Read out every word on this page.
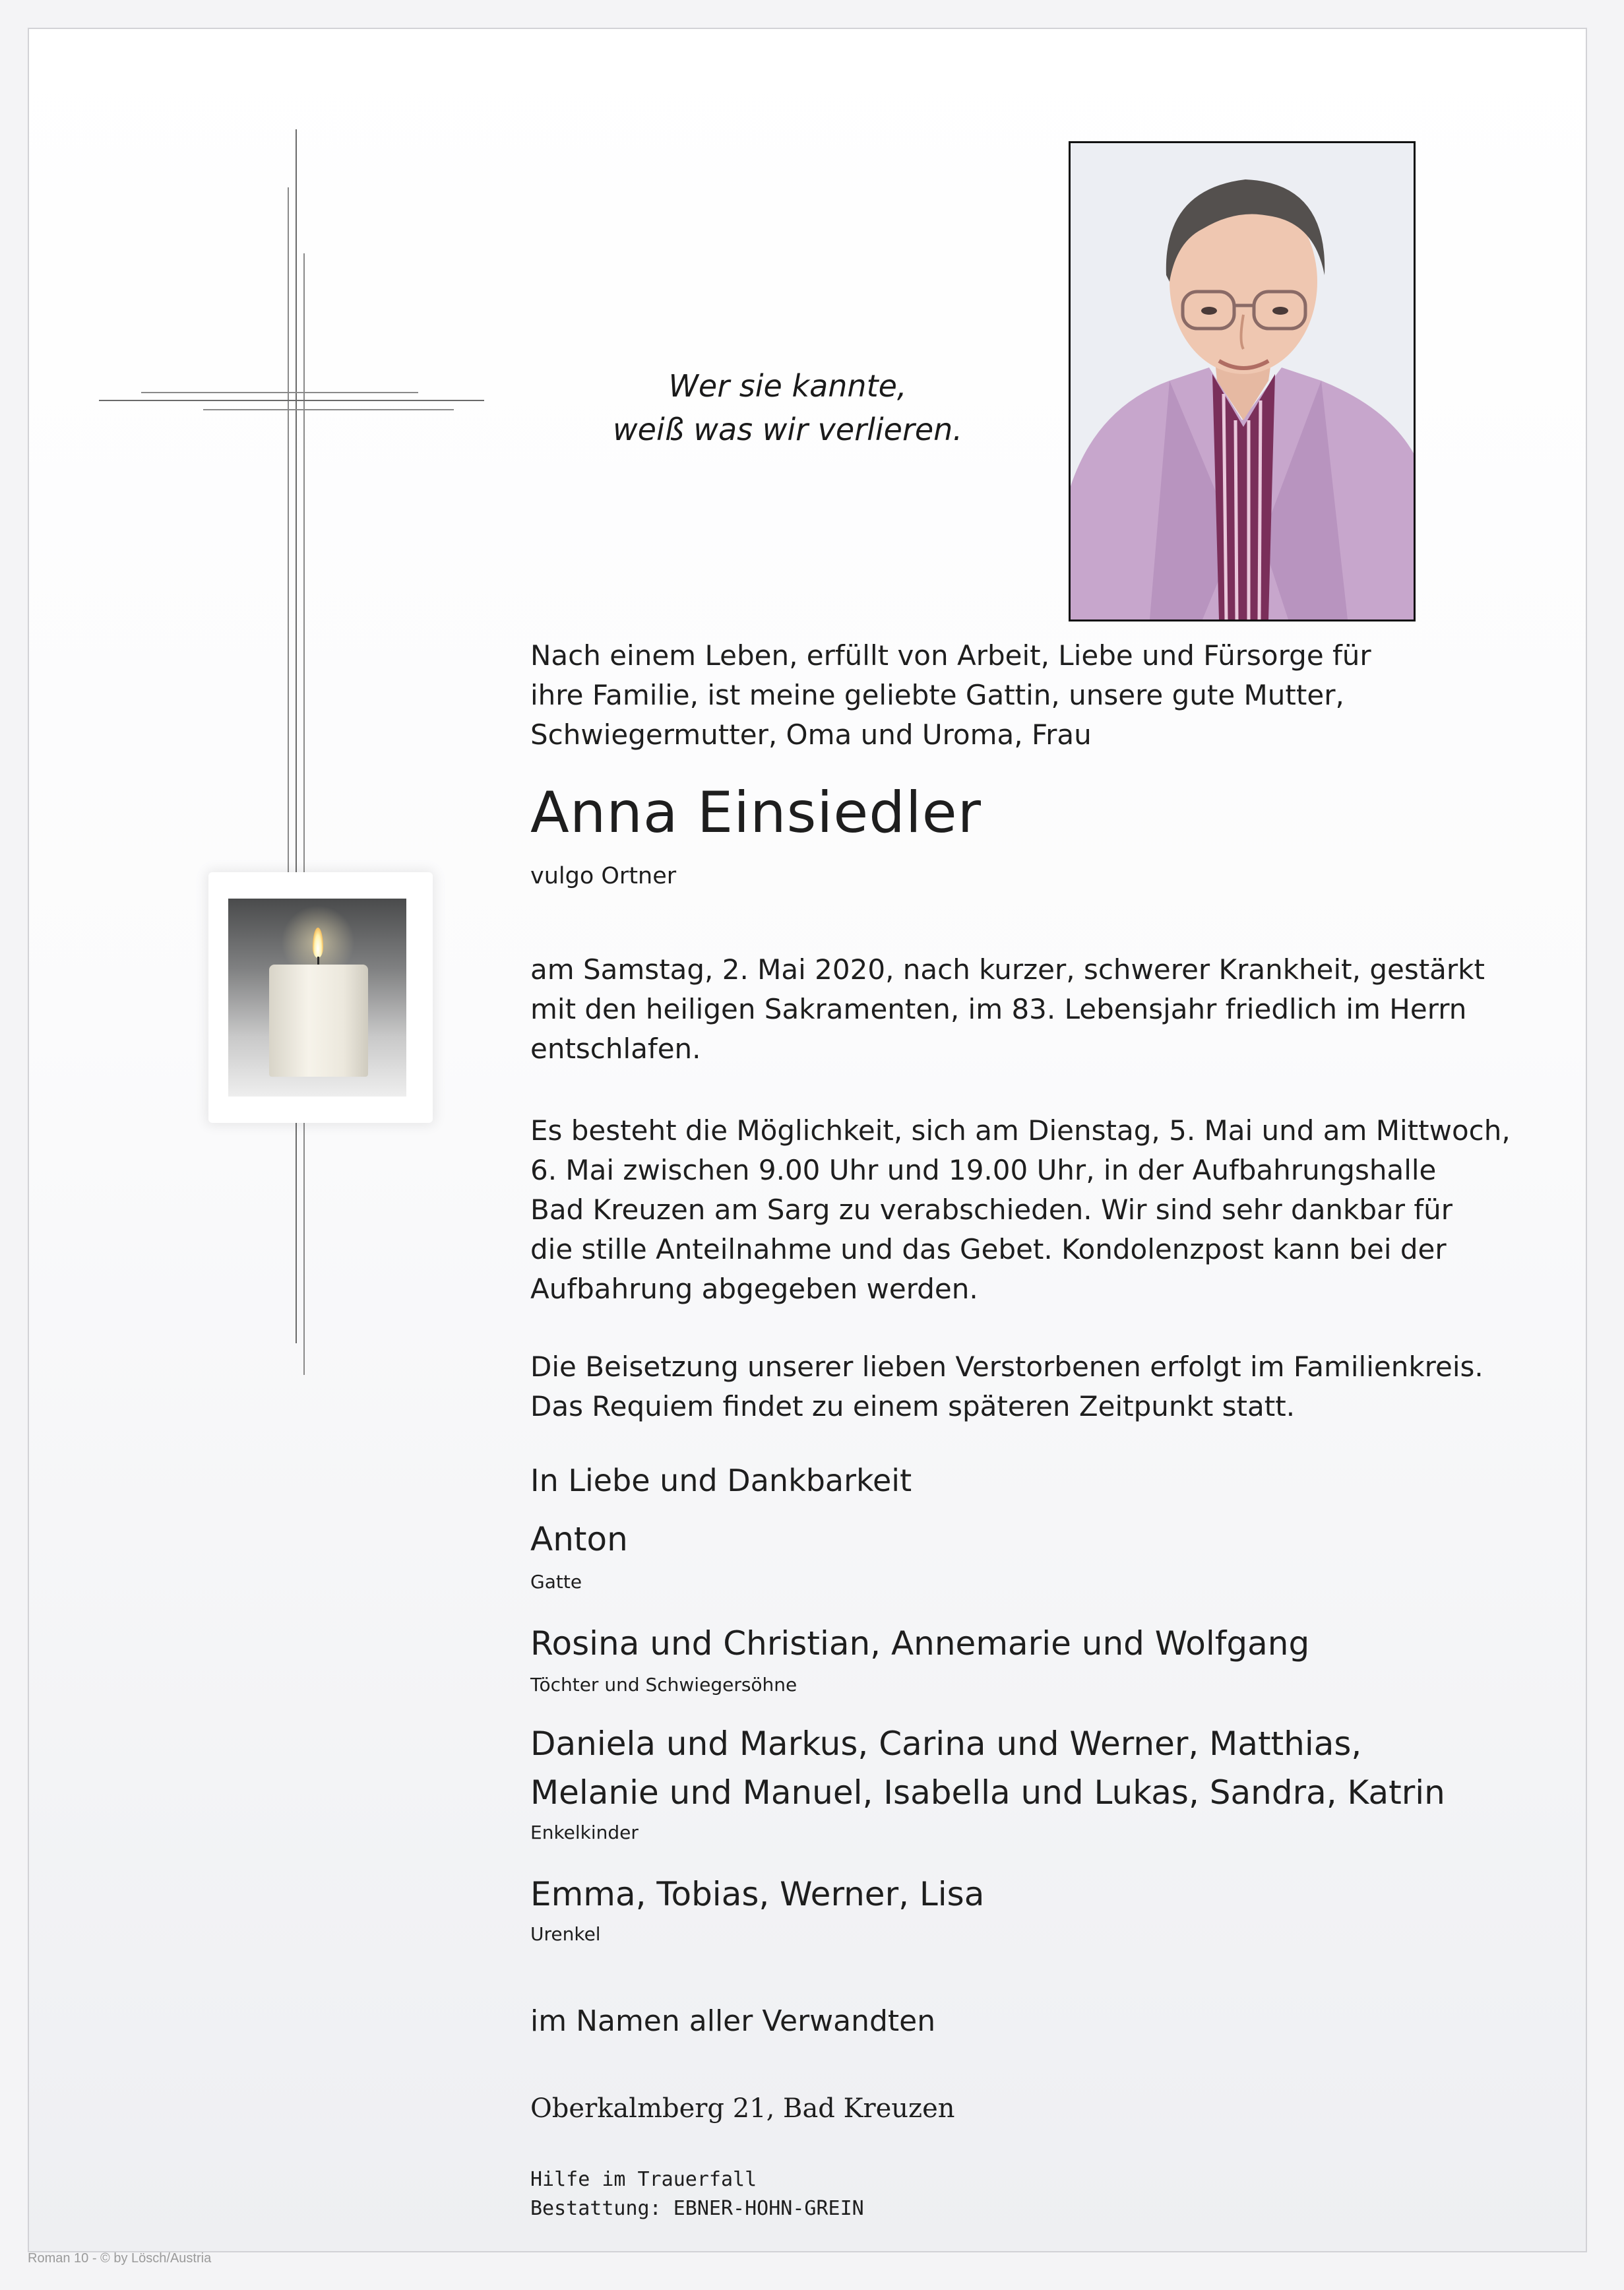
Wer sie kannte,
weiß was wir verlieren.
Nach einem Leben, erfüllt von Arbeit, Liebe und Fürsorge für
ihre Familie, ist meine geliebte Gattin, unsere gute Mutter,
Schwiegermutter, Oma und Uroma, Frau
Anna Einsiedler
vulgo Ortner
am Samstag, 2. Mai 2020, nach kurzer, schwerer Krankheit, gestärkt
mit den heiligen Sakramenten, im 83. Lebensjahr friedlich im Herrn
entschlafen.
Es besteht die Möglichkeit, sich am Dienstag, 5. Mai und am Mittwoch,
6. Mai zwischen 9.00 Uhr und 19.00 Uhr, in der Aufbahrungshalle
Bad Kreuzen am Sarg zu verabschieden. Wir sind sehr dankbar für
die stille Anteilnahme und das Gebet. Kondolenzpost kann bei der
Aufbahrung abgegeben werden.
Die Beisetzung unserer lieben Verstorbenen erfolgt im Familienkreis.
Das Requiem findet zu einem späteren Zeitpunkt statt.
In Liebe und Dankbarkeit
Anton
Gatte
Rosina und Christian, Annemarie und Wolfgang
Töchter und Schwiegersöhne
Daniela und Markus, Carina und Werner, Matthias,
Melanie und Manuel, Isabella und Lukas, Sandra, Katrin
Enkelkinder
Emma, Tobias, Werner, Lisa
Urenkel
im Namen aller Verwandten
Oberkalmberg 21, Bad Kreuzen
Hilfe im Trauerfall
Bestattung: EBNER-HOHN-GREIN
Roman 10 - © by Lösch/Austria
